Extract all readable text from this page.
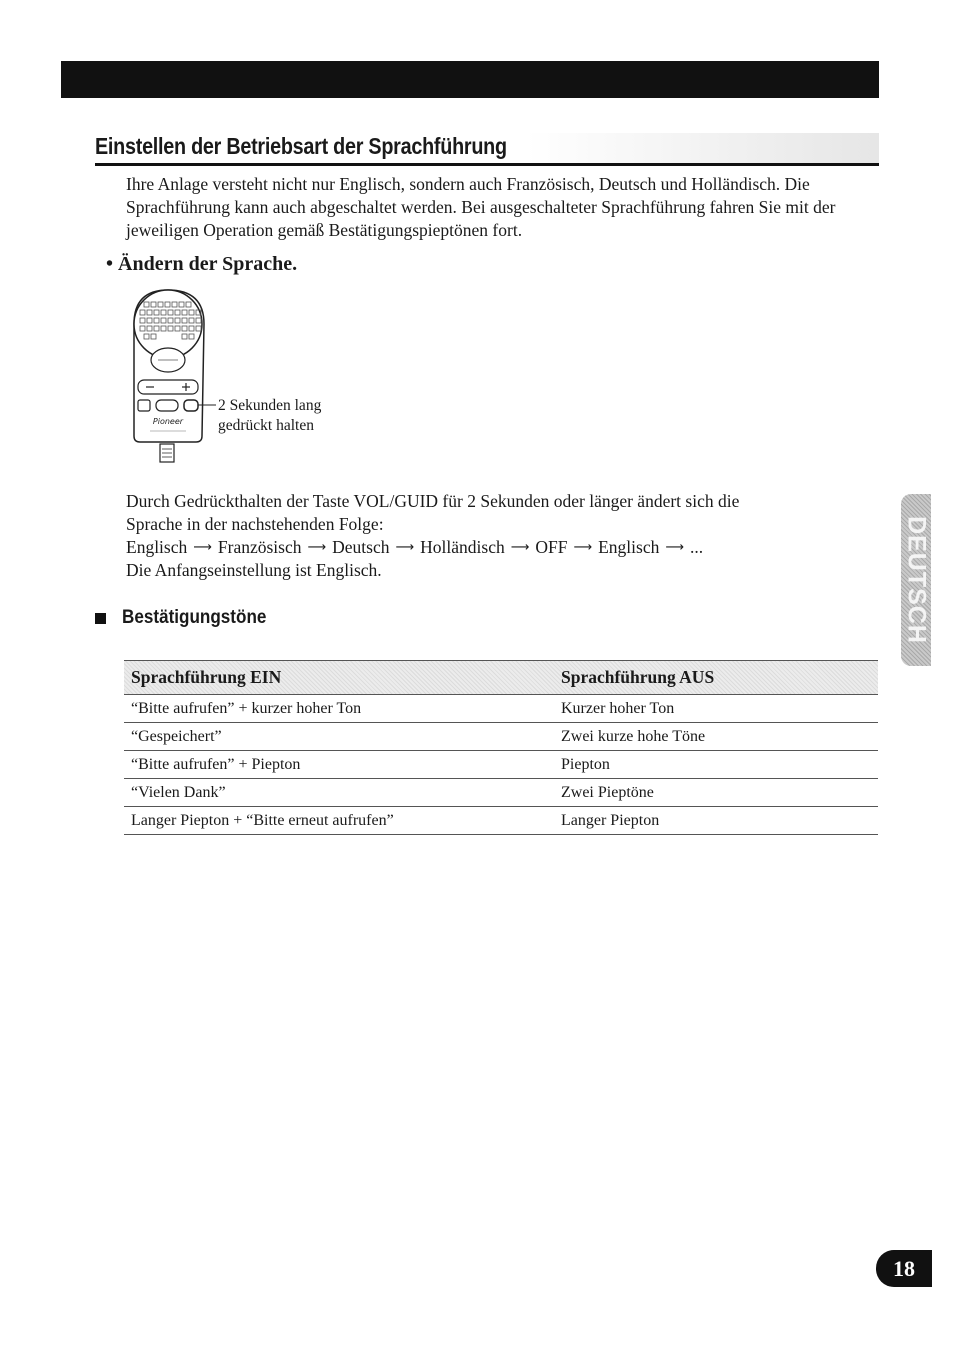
Einstellen der Betriebsart der Sprachführung
Ihre Anlage versteht nicht nur Englisch, sondern auch Französisch, Deutsch und Holländisch. Die Sprachführung kann auch abgeschaltet werden. Bei ausgeschalteter Sprachführung fahren Sie mit der jeweiligen Operation gemäß Bestätigungspieptönen fort.
• Ändern der Sprache.
Pioneer
2 Sekunden lang
gedrückt halten
Durch Gedrückthalten der Taste VOL/GUID für 2 Sekunden oder länger ändert sich die
Sprache in der nachstehenden Folge:
Englisch ⟶ Französisch ⟶ Deutsch ⟶ Holländisch ⟶ OFF ⟶ Englisch ⟶ ...
Die Anfangseinstellung ist Englisch.
Bestätigungstöne
Sprachführung EIN	Sprachführung AUS
“Bitte aufrufen” + kurzer hoher Ton	Kurzer hoher Ton
“Gespeichert”	Zwei kurze hohe Töne
“Bitte aufrufen” + Piepton	Piepton
“Vielen Dank”	Zwei Pieptöne
Langer Piepton + “Bitte erneut aufrufen”	Langer Piepton
DEUTSCH
18
